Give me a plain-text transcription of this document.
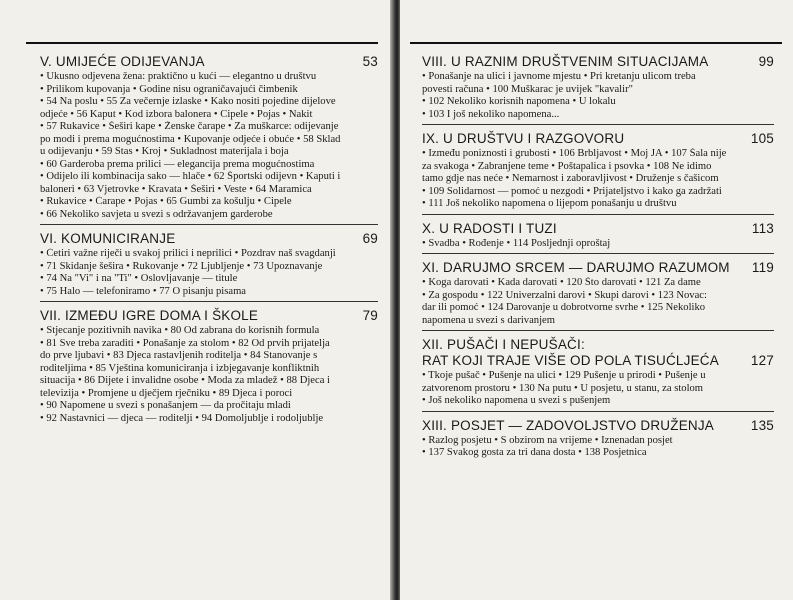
V. UMIJEĆE ODIJEVANJA	53
• Ukusno odjevena žena: praktično u kući — elegantno u društvu
• Prilikom kupovanja • Godine nisu ograničavajući čimbenik
• 54 Na poslu • 55 Za večernje izlaske • Kako nositi pojedine dijelove
odjeće • 56 Kaput • Kod izbora balonera • Cipele • Pojas • Nakit
• 57 Rukavice • Šeširi kape • Ženske čarape • Za muškarce: odijevanje
po modi i prema mogućnostima • Kupovanje odjeće i obuće • 58 Sklad
u odijevanju • 59 Stas • Kroj • Sukladnost materijala i boja
• 60 Garderoba prema prilici — elegancija prema mogućnostima
• Odijelo ili kombinacija sako — hlače • 62 Športski odijevn • Kaputi i
baloneri • 63 Vjetrovke • Kravata • Šeširi • Veste • 64 Maramica
• Rukavice • Čarape • Pojas • 65 Gumbi za košulju • Cipele
• 66 Nekoliko savjeta u svezi s održavanjem garderobe
VI. KOMUNICIRANJE	69
• Četiri važne riječi u svakoj prilici i neprilici • Pozdrav naš svagdanji
• 71 Skidanje šešira • Rukovanje • 72 Ljubljenje • 73 Upoznavanje
• 74 Na "Vi" i na "Ti" • Oslovljavanje — titule
• 75 Halo — telefoniramo • 77 O pisanju pisama
VII. IZMEĐU IGRE DOMA I ŠKOLE	79
• Stjecanje pozitivnih navika • 80 Od zabrana do korisnih formula
• 81 Sve treba zaraditi • Ponašanje za stolom • 82 Od prvih prijatelja
do prve ljubavi • 83 Djeca rastavljenih roditelja • 84 Stanovanje s
roditeljima • 85 Vještina komuniciranja i izbjegavanje konfliktnih
situacija • 86 Dijete i invalidne osobe • Moda za mladež • 88 Djeca i
televizija • Promjene u dječjem rječniku • 89 Djeca i poroci
• 90 Napomene u svezi s ponašanjem — da pročitaju mladi
• 92 Nastavnici — djeca — roditelji • 94 Domoljublje i rodoljublje
VIII. U RAZNIM DRUŠTVENIM SITUACIJAMA	99
• Ponašanje na ulici i javnome mjestu • Pri kretanju ulicom treba
povesti računa • 100 Muškarac je uvijek "kavalir"
• 102 Nekoliko korisnih napomena • U lokalu
• 103 I još nekoliko napomena...
IX. U DRUŠTVU I RAZGOVORU	105
• Između poniznosti i grubosti • 106 Brbljavost • Moj JA • 107 Šala nije
za svakoga • Zabranjene teme • Poštapalica i psovka • 108 Ne idimo
tamo gdje nas neće • Nemarnost i zaboravljivost • Druženje s čašicom
• 109 Solidarnost — pomoć u nezgodi • Prijateljstvo i kako ga zadržati
• 111 Još nekoliko napomena o lijepom ponašanju u društvu
X. U RADOSTI I TUZI	113
• Svadba • Rođenje • 114 Posljednji oproštaj
XI. DARUJMO SRCEM — DARUJMO RAZUMOM 119
• Koga darovati • Kada darovati • 120 Što darovati • 121 Za dame
• Za gospodu • 122 Univerzalni darovi • Skupi darovi • 123 Novac:
dar ili pomoć • 124 Darovanje u dobrotvorne svrhe • 125 Nekoliko
napomena u svezi s darivanjem
XII. PUŠAČI I NEPUŠAČI:
RAT KOJI TRAJE VIŠE OD POLA TISUĆLJEĆA 127
• Tkoje pušač • Pušenje na ulici • 129 Pušenje u prirodi • Pušenje u
zatvorenom prostoru • 130 Na putu • U posjetu, u stanu, za stolom
• Još nekoliko napomena u svezi s pušenjem
XIII. POSJET — ZADOVOLJSTVO DRUŽENJA	135
• Razlog posjetu • S obzirom na vrijeme • Iznenadan posjet
• 137 Svakog gosta za tri dana dosta • 138 Posjetnica
